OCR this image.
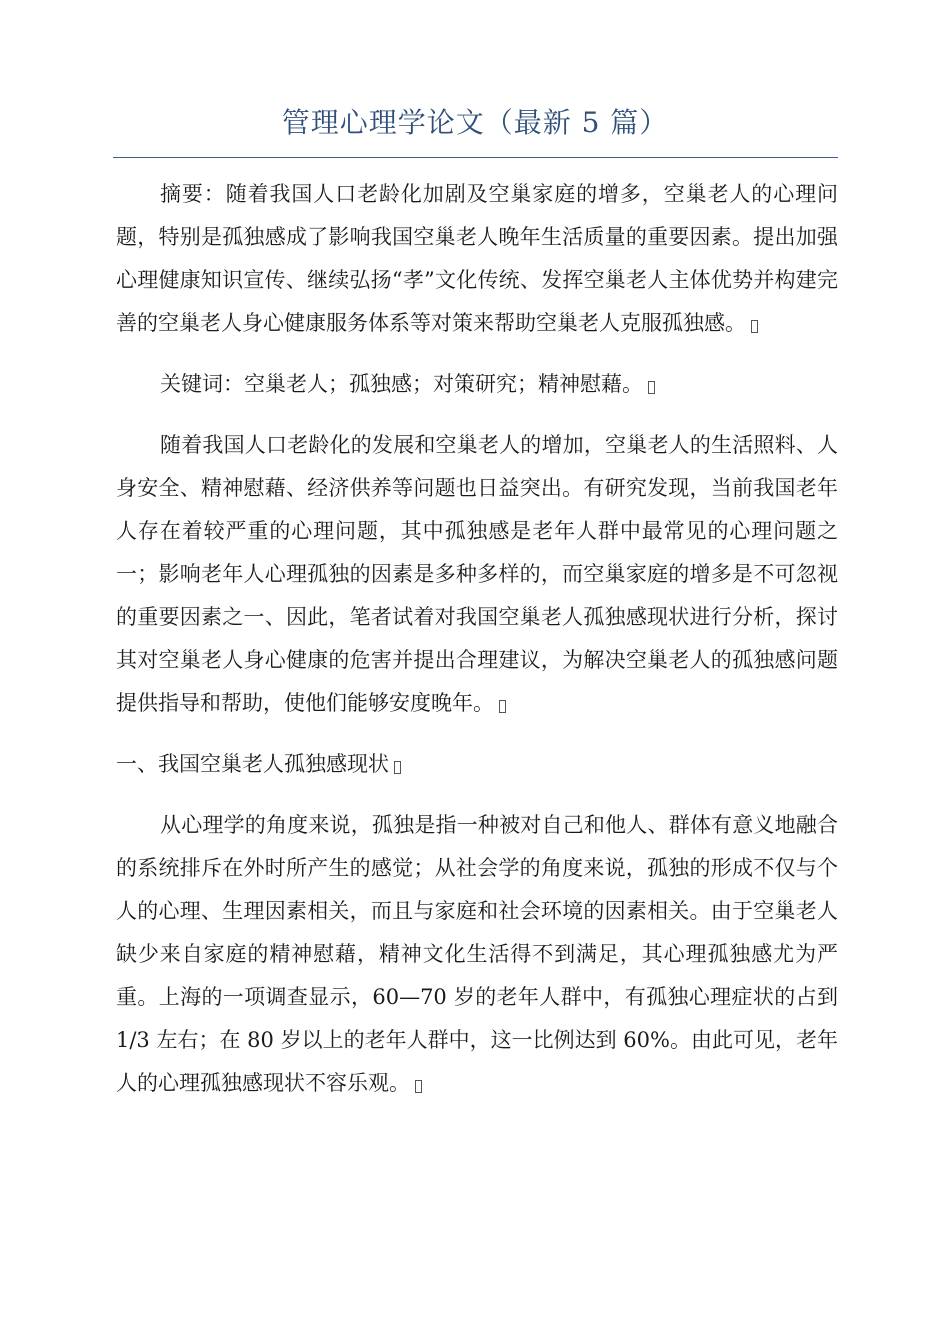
管理心理学论文（最新 5 篇）

摘要：随着我国人口老龄化加剧及空巢家庭的增多，空巢老人的心理问题，特别是孤独感成了影响我国空巢老人晚年生活质量的重要因素。提出加强心理健康知识宣传、继续弘扬“孝”文化传统、发挥空巢老人主体优势并构建完善的空巢老人身心健康服务体系等对策来帮助空巢老人克服孤独感。

关键词：空巢老人；孤独感；对策研究；精神慰藉。

随着我国人口老龄化的发展和空巢老人的增加，空巢老人的生活照料、人身安全、精神慰藉、经济供养等问题也日益突出。有研究发现，当前我国老年人存在着较严重的心理问题，其中孤独感是老年人群中最常见的心理问题之一；影响老年人心理孤独的因素是多种多样的，而空巢家庭的增多是不可忽视的重要因素之一、因此，笔者试着对我国空巢老人孤独感现状进行分析，探讨其对空巢老人身心健康的危害并提出合理建议，为解决空巢老人的孤独感问题提供指导和帮助，使他们能够安度晚年。

一、我国空巢老人孤独感现状

从心理学的角度来说，孤独是指一种被对自己和他人、群体有意义地融合的系统排斥在外时所产生的感觉；从社会学的角度来说，孤独的形成不仅与个人的心理、生理因素相关，而且与家庭和社会环境的因素相关。由于空巢老人缺少来自家庭的精神慰藉，精神文化生活得不到满足，其心理孤独感尤为严重。上海的一项调查显示，60—70 岁的老年人群中，有孤独心理症状的占到 1/3 左右；在 80 岁以上的老年人群中，这一比例达到 60%。由此可见，老年人的心理孤独感现状不容乐观。
